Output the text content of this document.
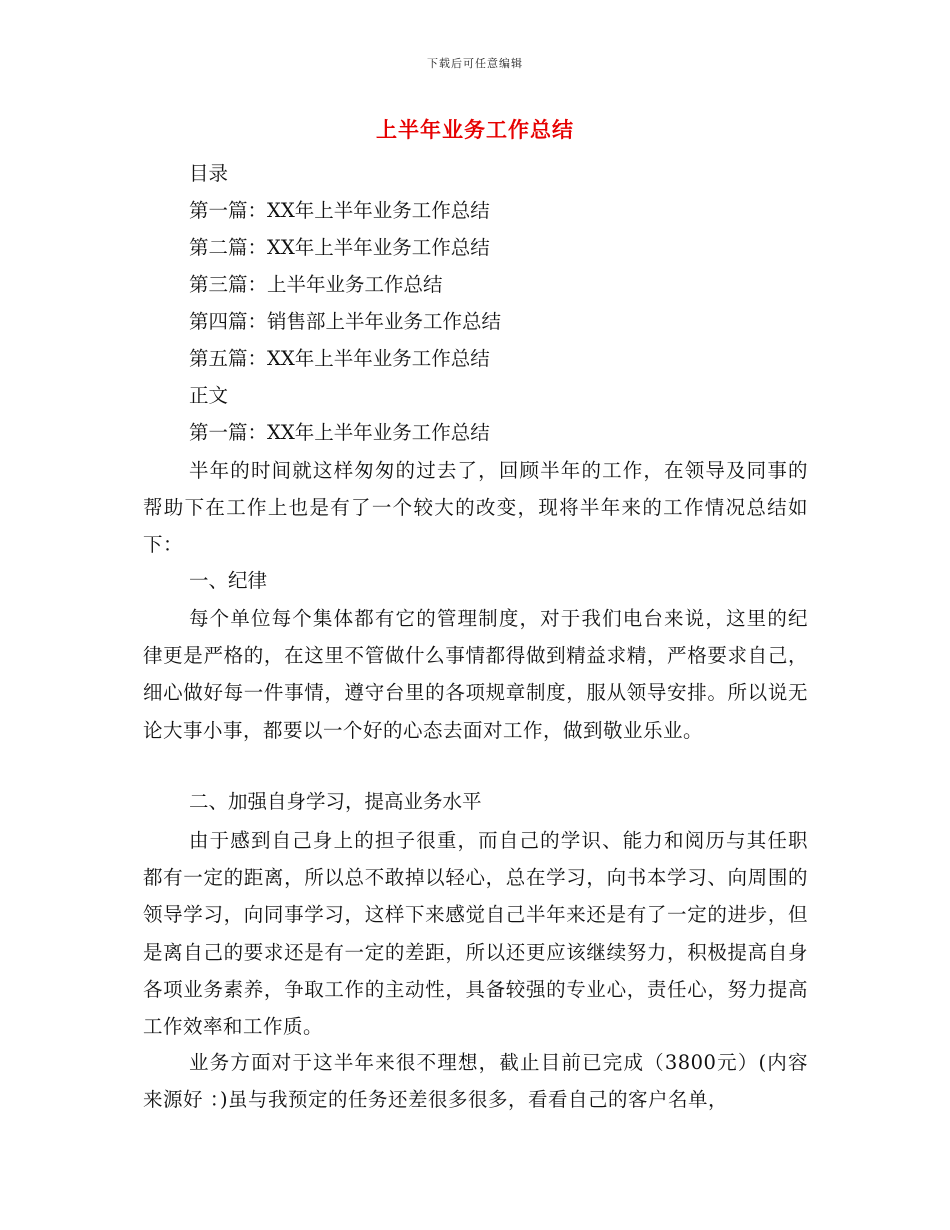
下载后可任意编辑
上半年业务工作总结
目录
第一篇：XX年上半年业务工作总结
第二篇：XX年上半年业务工作总结
第三篇：上半年业务工作总结
第四篇：销售部上半年业务工作总结
第五篇：XX年上半年业务工作总结
正文
第一篇：XX年上半年业务工作总结
半年的时间就这样匆匆的过去了，回顾半年的工作，在领导及同事的帮助下在工作上也是有了一个较大的改变，现将半年来的工作情况总结如下：
一、纪律
每个单位每个集体都有它的管理制度，对于我们电台来说，这里的纪律更是严格的，在这里不管做什么事情都得做到精益求精，严格要求自己，细心做好每一件事情，遵守台里的各项规章制度，服从领导安排。所以说无论大事小事，都要以一个好的心态去面对工作，做到敬业乐业。
二、加强自身学习，提高业务水平
由于感到自己身上的担子很重，而自己的学识、能力和阅历与其任职都有一定的距离，所以总不敢掉以轻心，总在学习，向书本学习、向周围的领导学习，向同事学习，这样下来感觉自己半年来还是有了一定的进步，但是离自己的要求还是有一定的差距，所以还更应该继续努力，积极提高自身各项业务素养，争取工作的主动性，具备较强的专业心，责任心，努力提高工作效率和工作质。
业务方面对于这半年来很不理想，截止目前已完成（3800元）(内容来源好 ：)虽与我预定的任务还差很多很多，看看自己的客户名单，
